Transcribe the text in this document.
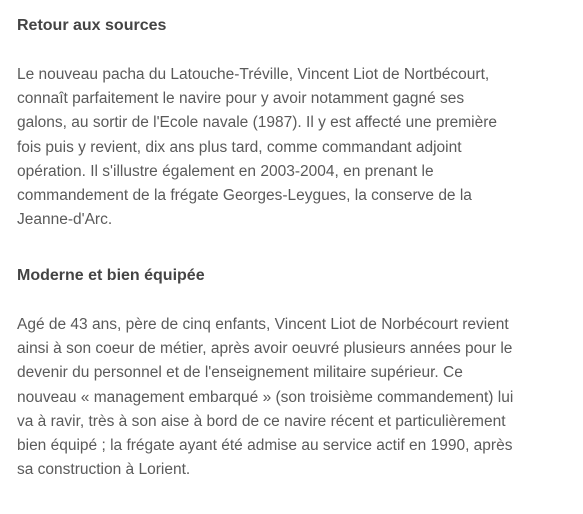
Retour aux sources

Le nouveau pacha du Latouche-Tréville, Vincent Liot de Nortbécourt,
connaît parfaitement le navire pour y avoir notamment gagné ses
galons, au sortir de l'Ecole navale (1987). Il y est affecté une première
fois puis y revient, dix ans plus tard, comme commandant adjoint
opération. Il s'illustre également en 2003-2004, en prenant le
commandement de la frégate Georges-Leygues, la conserve de la
Jeanne-d'Arc.

Moderne et bien équipée

Agé de 43 ans, père de cinq enfants, Vincent Liot de Norbécourt revient
ainsi à son coeur de métier, après avoir oeuvré plusieurs années pour le
devenir du personnel et de l'enseignement militaire supérieur. Ce
nouveau « management embarqué » (son troisième commandement) lui
va à ravir, très à son aise à bord de ce navire récent et particulièrement
bien équipé ; la frégate ayant été admise au service actif en 1990, après
sa construction à Lorient.
